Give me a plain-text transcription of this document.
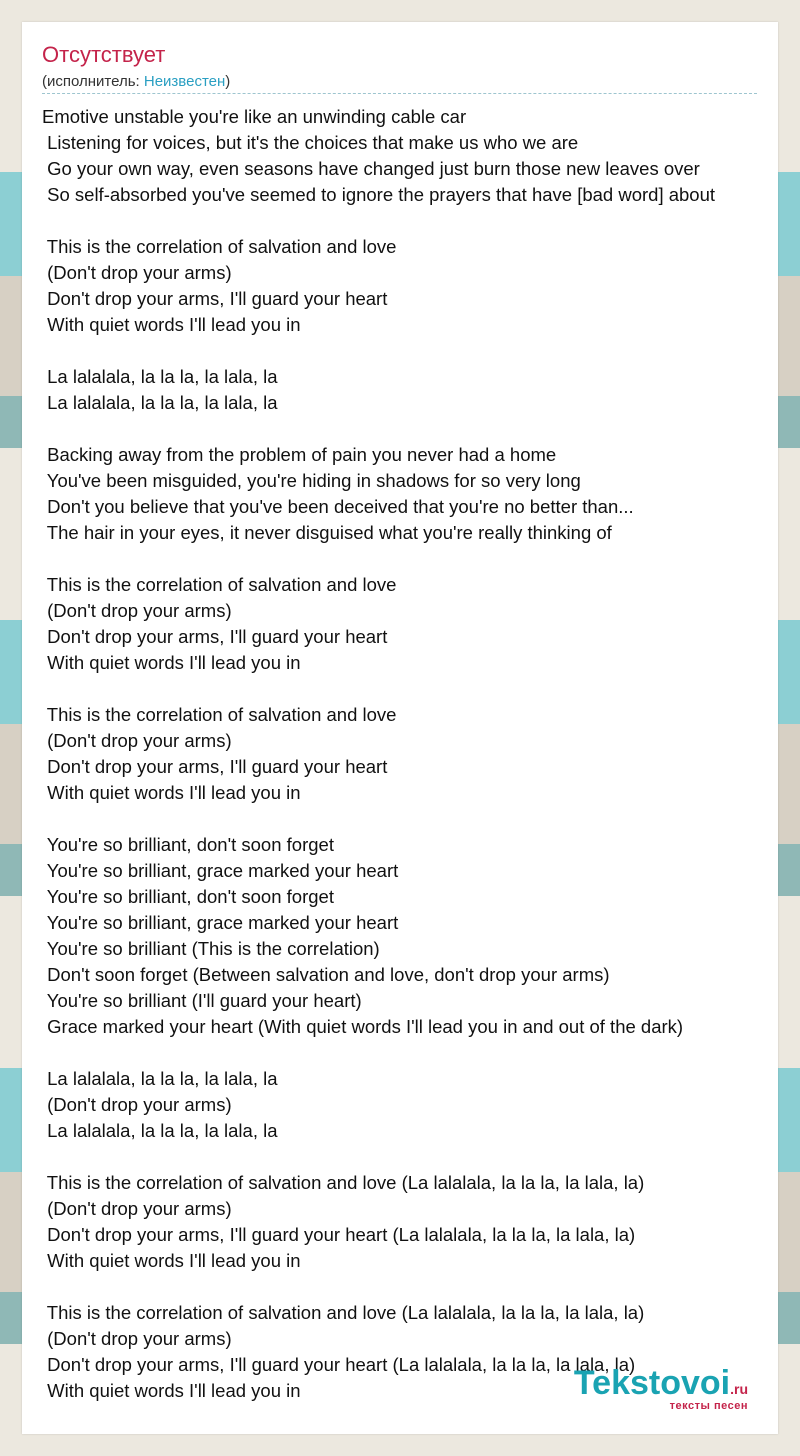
Отсутствует
(исполнитель: Неизвестен)
Emotive unstable you're like an unwinding cable car
Listening for voices, but it's the choices that make us who we are
Go your own way, even seasons have changed just burn those new leaves over
So self-absorbed you've seemed to ignore the prayers that have [bad word] about
This is the correlation of salvation and love
(Don't drop your arms)
Don't drop your arms, I'll guard your heart
With quiet words I'll lead you in
La lalalala, la la la, la lala, la
La lalalala, la la la, la lala, la
Backing away from the problem of pain you never had a home
You've been misguided, you're hiding in shadows for so very long
Don't you believe that you've been deceived that you're no better than...
The hair in your eyes, it never disguised what you're really thinking of
This is the correlation of salvation and love
(Don't drop your arms)
Don't drop your arms, I'll guard your heart
With quiet words I'll lead you in
This is the correlation of salvation and love
(Don't drop your arms)
Don't drop your arms, I'll guard your heart
With quiet words I'll lead you in
You're so brilliant, don't soon forget
You're so brilliant, grace marked your heart
You're so brilliant, don't soon forget
You're so brilliant, grace marked your heart
You're so brilliant (This is the correlation)
Don't soon forget (Between salvation and love, don't drop your arms)
You're so brilliant (I'll guard your heart)
Grace marked your heart (With quiet words I'll lead you in and out of the dark)
La lalalala, la la la, la lala, la
(Don't drop your arms)
La lalalala, la la la, la lala, la
This is the correlation of salvation and love (La lalalala, la la la, la lala, la)
(Don't drop your arms)
Don't drop your arms, I'll guard your heart (La lalalala, la la la, la lala, la)
With quiet words I'll lead you in
This is the correlation of salvation and love (La lalalala, la la la, la lala, la)
(Don't drop your arms)
Don't drop your arms, I'll guard your heart (La lalalala, la la la, la lala, la)
With quiet words I'll lead you in	Tekstovoi.ru
тексты песен
